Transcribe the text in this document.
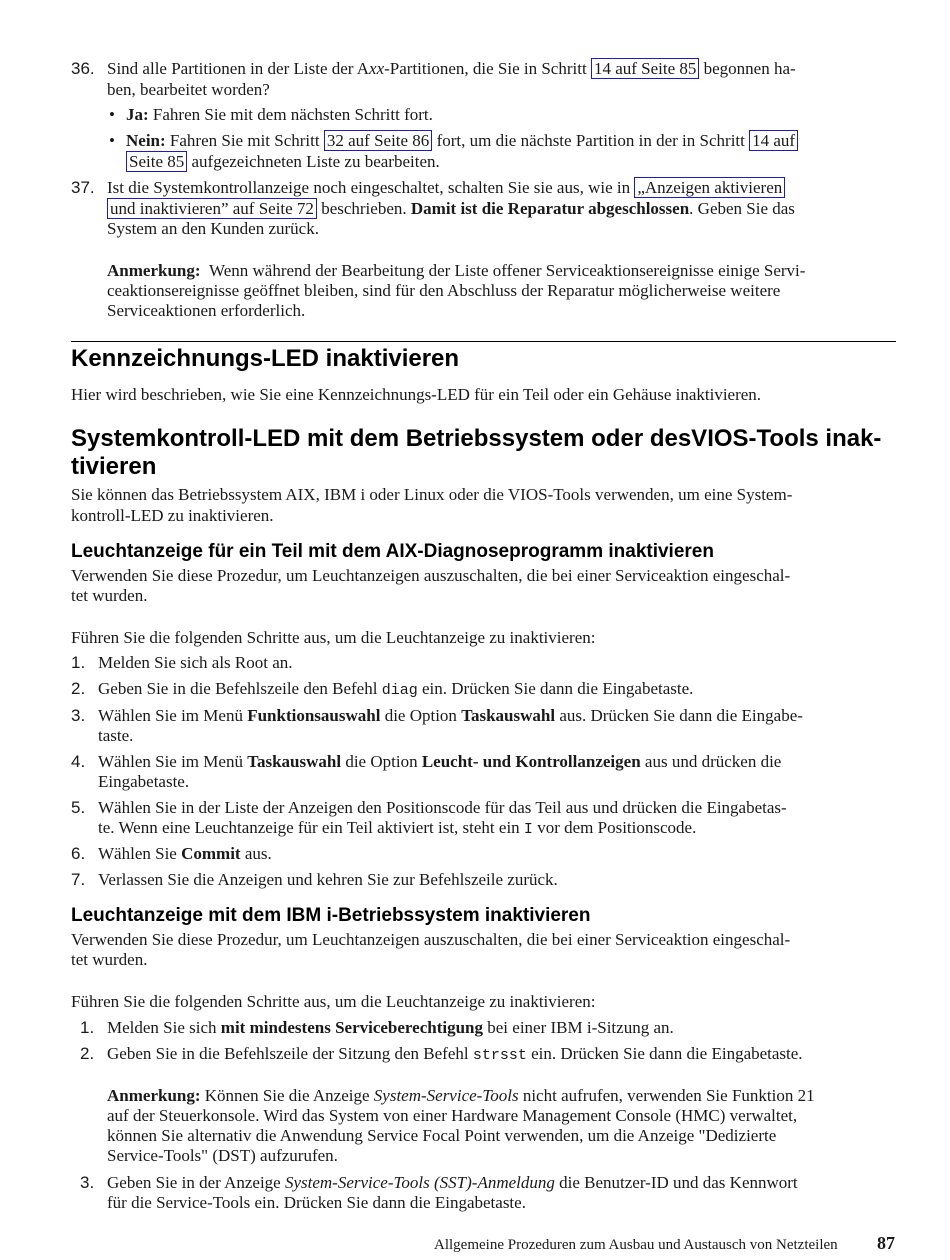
36. Sind alle Partitionen in der Liste der Axx-Partitionen, die Sie in Schritt 14 auf Seite 85 begonnen ha-
ben, bearbeitet worden?
• Ja: Fahren Sie mit dem nächsten Schritt fort.
• Nein: Fahren Sie mit Schritt 32 auf Seite 86 fort, um die nächste Partition in der in Schritt 14 auf
Seite 85 aufgezeichneten Liste zu bearbeiten.
37. Ist die Systemkontrollanzeige noch eingeschaltet, schalten Sie sie aus, wie in „Anzeigen aktivieren
und inaktivieren” auf Seite 72 beschrieben. Damit ist die Reparatur abgeschlossen. Geben Sie das
System an den Kunden zurück.
Anmerkung: Wenn während der Bearbeitung der Liste offener Serviceaktionsereignisse einige Servi-
ceaktionsereignisse geöffnet bleiben, sind für den Abschluss der Reparatur möglicherweise weitere
Serviceaktionen erforderlich.
Kennzeichnungs-LED inaktivieren
Hier wird beschrieben, wie Sie eine Kennzeichnungs-LED für ein Teil oder ein Gehäuse inaktivieren.
Systemkontroll-LED mit dem Betriebssystem oder desVIOS-Tools inak-
tivieren
Sie können das Betriebssystem AIX, IBM i oder Linux oder die VIOS-Tools verwenden, um eine System-
kontroll-LED zu inaktivieren.
Leuchtanzeige für ein Teil mit dem AIX-Diagnoseprogramm inaktivieren
Verwenden Sie diese Prozedur, um Leuchtanzeigen auszuschalten, die bei einer Serviceaktion eingeschal-
tet wurden.
Führen Sie die folgenden Schritte aus, um die Leuchtanzeige zu inaktivieren:
1. Melden Sie sich als Root an.
2. Geben Sie in die Befehlszeile den Befehl diag ein. Drücken Sie dann die Eingabetaste.
3. Wählen Sie im Menü Funktionsauswahl die Option Taskauswahl aus. Drücken Sie dann die Eingabe-
taste.
4. Wählen Sie im Menü Taskauswahl die Option Leucht- und Kontrollanzeigen aus und drücken die
Eingabetaste.
5. Wählen Sie in der Liste der Anzeigen den Positionscode für das Teil aus und drücken die Eingabetas-
te. Wenn eine Leuchtanzeige für ein Teil aktiviert ist, steht ein I vor dem Positionscode.
6. Wählen Sie Commit aus.
7. Verlassen Sie die Anzeigen und kehren Sie zur Befehlszeile zurück.
Leuchtanzeige mit dem IBM i-Betriebssystem inaktivieren
Verwenden Sie diese Prozedur, um Leuchtanzeigen auszuschalten, die bei einer Serviceaktion eingeschal-
tet wurden.
Führen Sie die folgenden Schritte aus, um die Leuchtanzeige zu inaktivieren:
1. Melden Sie sich mit mindestens Serviceberechtigung bei einer IBM i-Sitzung an.
2. Geben Sie in die Befehlszeile der Sitzung den Befehl strsst ein. Drücken Sie dann die Eingabetaste.
Anmerkung: Können Sie die Anzeige System-Service-Tools nicht aufrufen, verwenden Sie Funktion 21
auf der Steuerkonsole. Wird das System von einer Hardware Management Console (HMC) verwaltet,
können Sie alternativ die Anwendung Service Focal Point verwenden, um die Anzeige "Dedizierte
Service-Tools" (DST) aufzurufen.
3. Geben Sie in der Anzeige System-Service-Tools (SST)-Anmeldung die Benutzer-ID und das Kennwort
für die Service-Tools ein. Drücken Sie dann die Eingabetaste.
Allgemeine Prozeduren zum Ausbau und Austausch von Netzteilen 87
